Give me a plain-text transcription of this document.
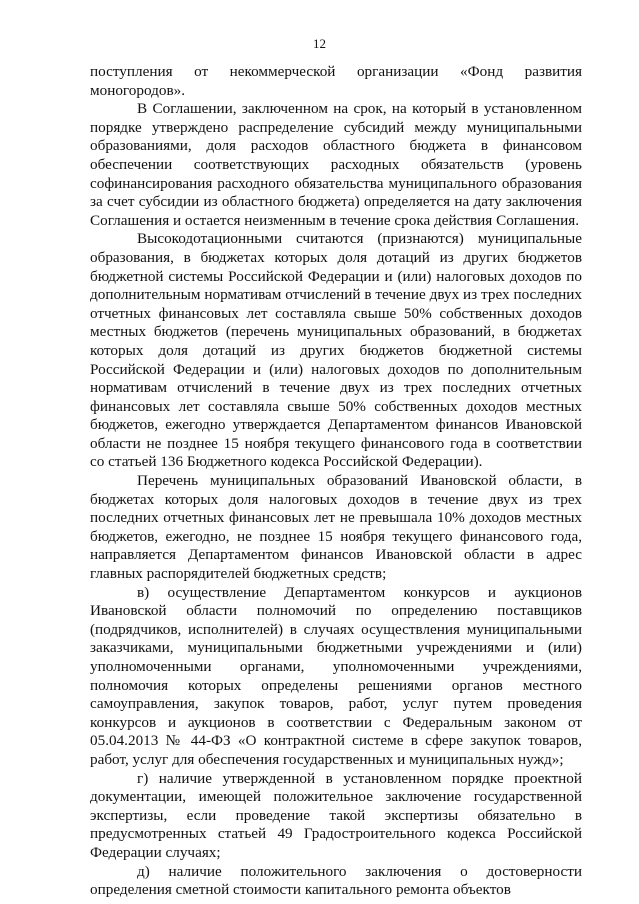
12

поступления от некоммерческой организации «Фонд развития моногородов».

В Соглашении, заключенном на срок, на который в установленном порядке утверждено распределение субсидий между муниципальными образованиями, доля расходов областного бюджета в финансовом обеспечении соответствующих расходных обязательств (уровень софинансирования расходного обязательства муниципального образования за счет субсидии из областного бюджета) определяется на дату заключения Соглашения и остается неизменным в течение срока действия Соглашения.

Высокодотационными считаются (признаются) муниципальные образования, в бюджетах которых доля дотаций из других бюджетов бюджетной системы Российской Федерации и (или) налоговых доходов по дополнительным нормативам отчислений в течение двух из трех последних отчетных финансовых лет составляла свыше 50% собственных доходов местных бюджетов (перечень муниципальных образований, в бюджетах которых доля дотаций из других бюджетов бюджетной системы Российской Федерации и (или) налоговых доходов по дополнительным нормативам отчислений в течение двух из трех последних отчетных финансовых лет составляла свыше 50% собственных доходов местных бюджетов, ежегодно утверждается Департаментом финансов Ивановской области не позднее 15 ноября текущего финансового года в соответствии со статьей 136 Бюджетного кодекса Российской Федерации).

Перечень муниципальных образований Ивановской области, в бюджетах которых доля налоговых доходов в течение двух из трех последних отчетных финансовых лет не превышала 10% доходов местных бюджетов, ежегодно, не позднее 15 ноября текущего финансового года, направляется Департаментом финансов Ивановской области в адрес главных распорядителей бюджетных средств;

в) осуществление Департаментом конкурсов и аукционов Ивановской области полномочий по определению поставщиков (подрядчиков, исполнителей) в случаях осуществления муниципальными заказчиками, муниципальными бюджетными учреждениями и (или) уполномоченными органами, уполномоченными учреждениями, полномочия которых определены решениями органов местного самоуправления, закупок товаров, работ, услуг путем проведения конкурсов и аукционов в соответствии с Федеральным законом от 05.04.2013 № 44-ФЗ «О контрактной системе в сфере закупок товаров, работ, услуг для обеспечения государственных и муниципальных нужд»;

г) наличие утвержденной в установленном порядке проектной документации, имеющей положительное заключение государственной экспертизы, если проведение такой экспертизы обязательно в предусмотренных статьей 49 Градостроительного кодекса Российской Федерации случаях;

д) наличие положительного заключения о достоверности определения сметной стоимости капитального ремонта объектов
